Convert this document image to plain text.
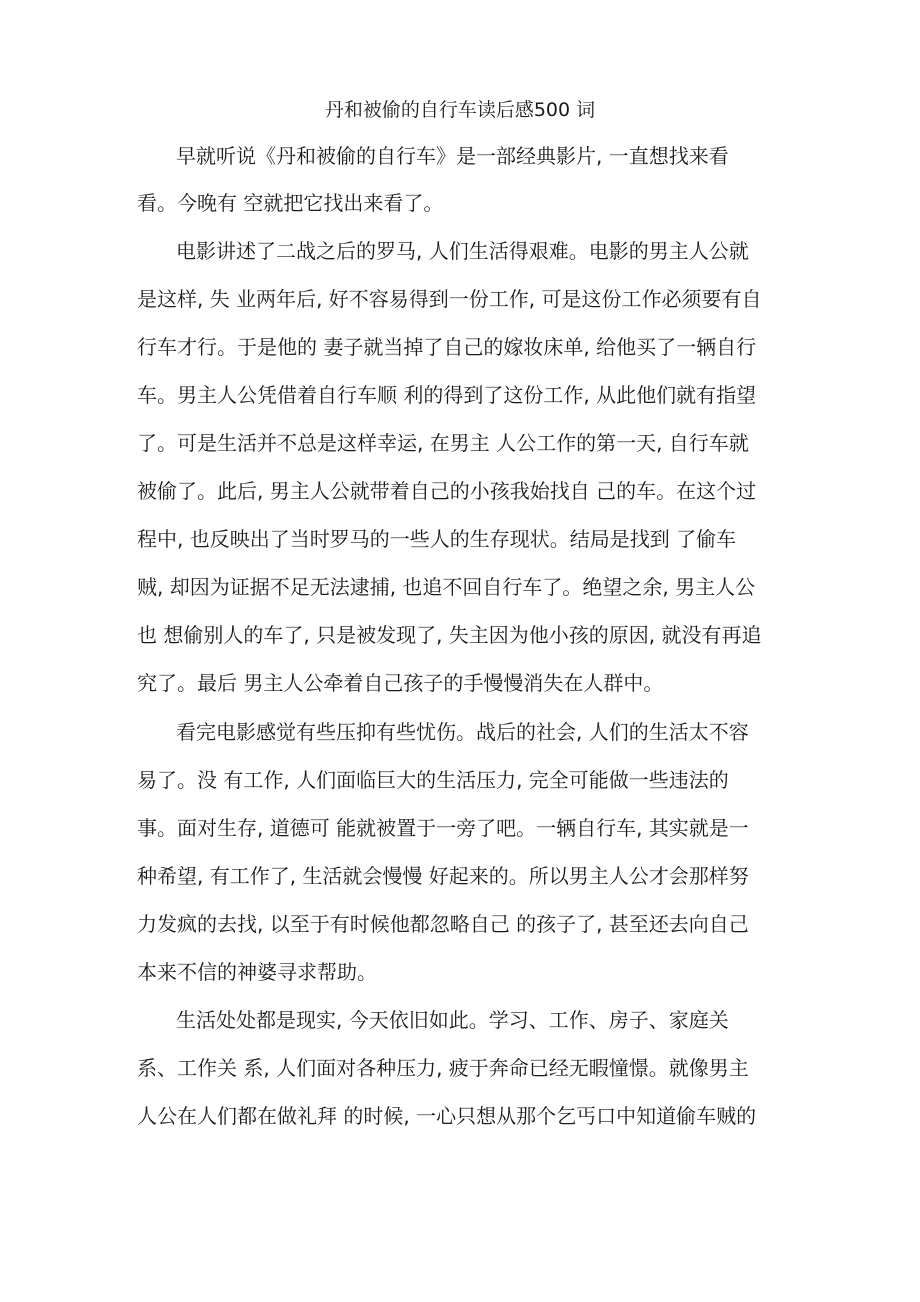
丹和被偷的自行车读后感500 词
早就听说《丹和被偷的自行车》是一部经典影片, 一直想找来看
看。今晚有 空就把它找出来看了。
电影讲述了二战之后的罗马, 人们生活得艰难。电影的男主人公就
是这样, 失 业两年后, 好不容易得到一份工作, 可是这份工作必须要有自
行车才行。于是他的 妻子就当掉了自己的嫁妆床单, 给他买了一辆自行
车。男主人公凭借着自行车顺 利的得到了这份工作, 从此他们就有指望
了。可是生活并不总是这样幸运, 在男主 人公工作的第一天, 自行车就
被偷了。此后, 男主人公就带着自己的小孩我始找自 己的车。在这个过
程中, 也反映出了当时罗马的一些人的生存现状。结局是找到 了偷车
贼, 却因为证据不足无法逮捕, 也追不回自行车了。绝望之余, 男主人公
也 想偷别人的车了, 只是被发现了, 失主因为他小孩的原因, 就没有再追
究了。最后 男主人公牵着自己孩子的手慢慢消失在人群中。
看完电影感觉有些压抑有些忧伤。战后的社会, 人们的生活太不容
易了。没 有工作, 人们面临巨大的生活压力, 完全可能做一些违法的
事。面对生存, 道德可 能就被置于一旁了吧。一辆自行车, 其实就是一
种希望, 有工作了, 生活就会慢慢 好起来的。所以男主人公才会那样努
力发疯的去找, 以至于有时候他都忽略自己 的孩子了, 甚至还去向自己
本来不信的神婆寻求帮助。
生活处处都是现实, 今天依旧如此。学习、工作、房子、家庭关
系、工作关 系, 人们面对各种压力, 疲于奔命已经无暇憧憬。就像男主
人公在人们都在做礼拜 的时候, 一心只想从那个乞丐口中知道偷车贼的
